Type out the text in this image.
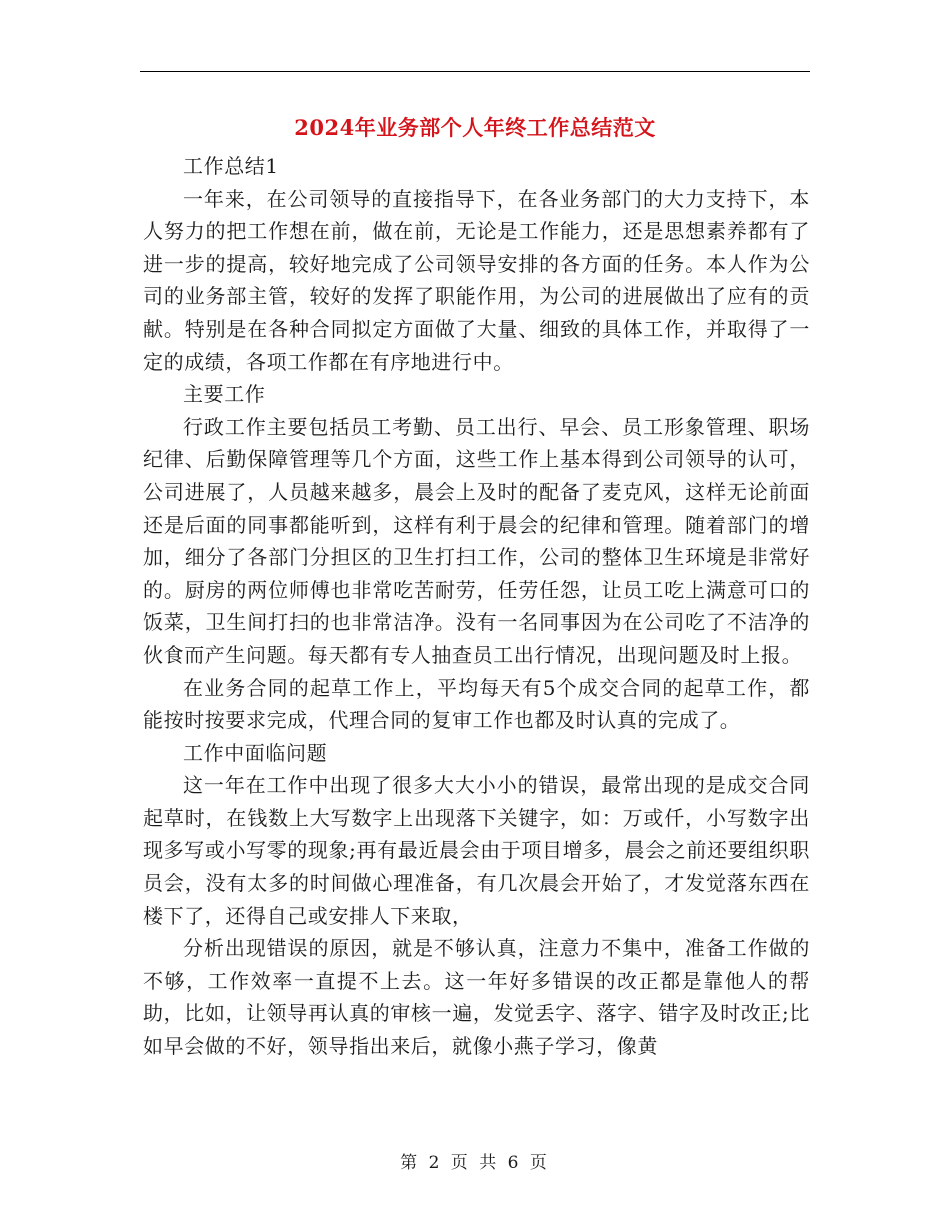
2024年业务部个人年终工作总结范文

工作总结1

一年来，在公司领导的直接指导下，在各业务部门的大力支持下，本人努力的把工作想在前，做在前，无论是工作能力，还是思想素养都有了进一步的提高，较好地完成了公司领导安排的各方面的任务。本人作为公司的业务部主管，较好的发挥了职能作用，为公司的进展做出了应有的贡献。特别是在各种合同拟定方面做了大量、细致的具体工作，并取得了一定的成绩，各项工作都在有序地进行中。

主要工作

行政工作主要包括员工考勤、员工出行、早会、员工形象管理、职场纪律、后勤保障管理等几个方面，这些工作上基本得到公司领导的认可，公司进展了，人员越来越多，晨会上及时的配备了麦克风，这样无论前面还是后面的同事都能听到，这样有利于晨会的纪律和管理。随着部门的增加，细分了各部门分担区的卫生打扫工作，公司的整体卫生环境是非常好的。厨房的两位师傅也非常吃苦耐劳，任劳任怨，让员工吃上满意可口的饭菜，卫生间打扫的也非常洁净。没有一名同事因为在公司吃了不洁净的伙食而产生问题。每天都有专人抽查员工出行情况，出现问题及时上报。

在业务合同的起草工作上，平均每天有5个成交合同的起草工作，都能按时按要求完成，代理合同的复审工作也都及时认真的完成了。

工作中面临问题

这一年在工作中出现了很多大大小小的错误，最常出现的是成交合同起草时，在钱数上大写数字上出现落下关键字，如：万或仟，小写数字出现多写或小写零的现象;再有最近晨会由于项目增多，晨会之前还要组织职员会，没有太多的时间做心理准备，有几次晨会开始了，才发觉落东西在楼下了，还得自己或安排人下来取，

分析出现错误的原因，就是不够认真，注意力不集中，准备工作做的不够，工作效率一直提不上去。这一年好多错误的改正都是靠他人的帮助，比如，让领导再认真的审核一遍，发觉丢字、落字、错字及时改正;比如早会做的不好，领导指出来后，就像小燕子学习，像黄

第 2 页 共 6 页
